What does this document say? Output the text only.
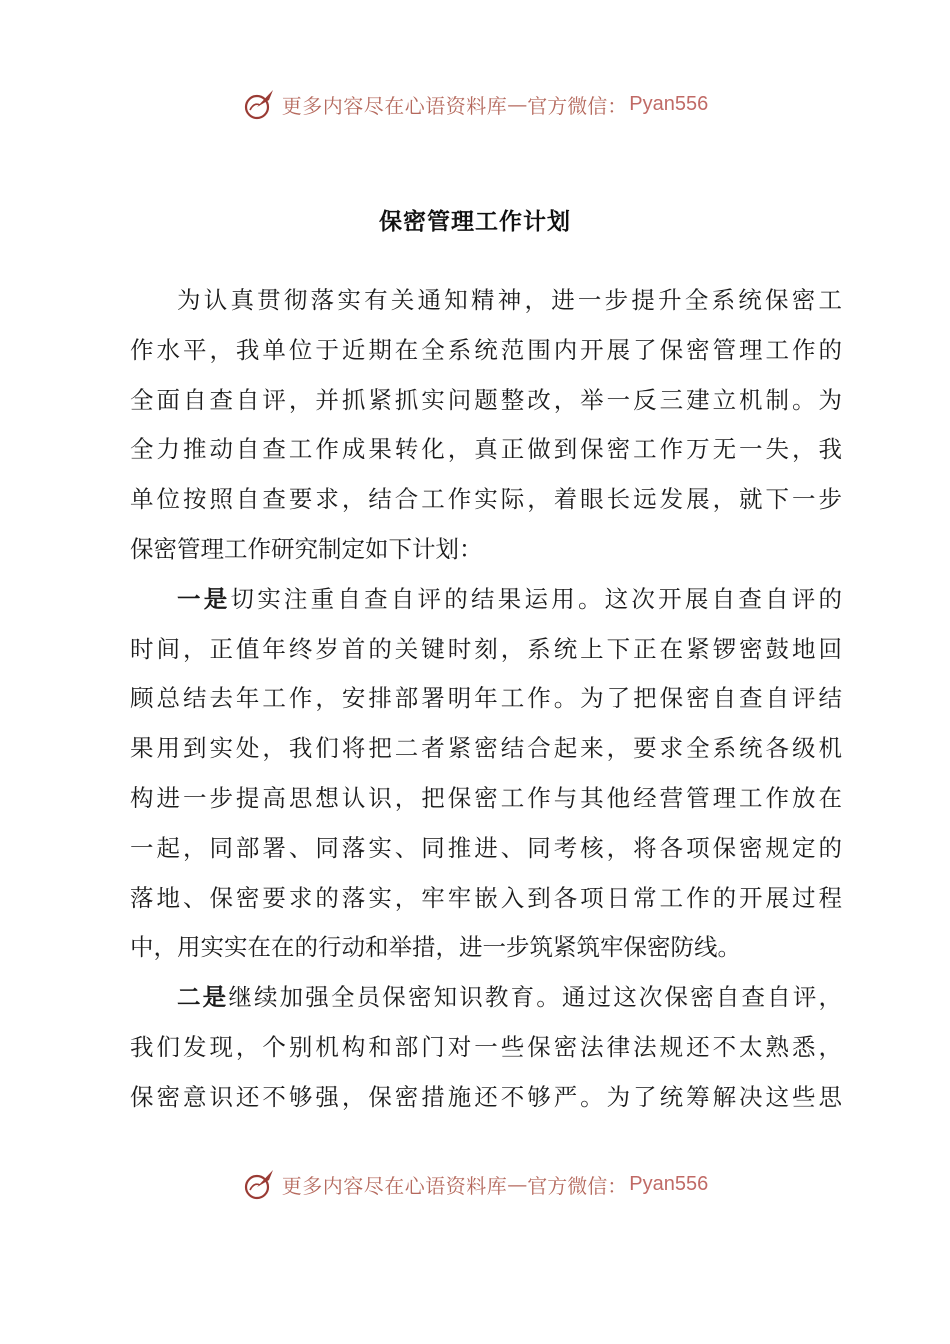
更多内容尽在心语资料库 — 官方微信： Pyan556
保密管理工作计划
为认真贯彻落实有关通知精神，进一步提升全系统保密工
作水平，我单位于近期在全系统范围内开展了保密管理工作的
全面自查自评，并抓紧抓实问题整改，举一反三建立机制。为
全力推动自查工作成果转化，真正做到保密工作万无一失，我
单位按照自查要求，结合工作实际，着眼长远发展，就下一步
保密管理工作研究制定如下计划：
一是切实注重自查自评的结果运用。这次开展自查自评的
时间，正值年终岁首的关键时刻，系统上下正在紧锣密鼓地回
顾总结去年工作，安排部署明年工作。为了把保密自查自评结
果用到实处，我们将把二者紧密结合起来，要求全系统各级机
构进一步提高思想认识，把保密工作与其他经营管理工作放在
一起，同部署、同落实、同推进、同考核，将各项保密规定的
落地、保密要求的落实，牢牢嵌入到各项日常工作的开展过程
中，用实实在在的行动和举措，进一步筑紧筑牢保密防线。
二是继续加强全员保密知识教育。通过这次保密自查自评，
我们发现，个别机构和部门对一些保密法律法规还不太熟悉，
保密意识还不够强，保密措施还不够严。为了统筹解决这些思
更多内容尽在心语资料库 — 官方微信： Pyan556
